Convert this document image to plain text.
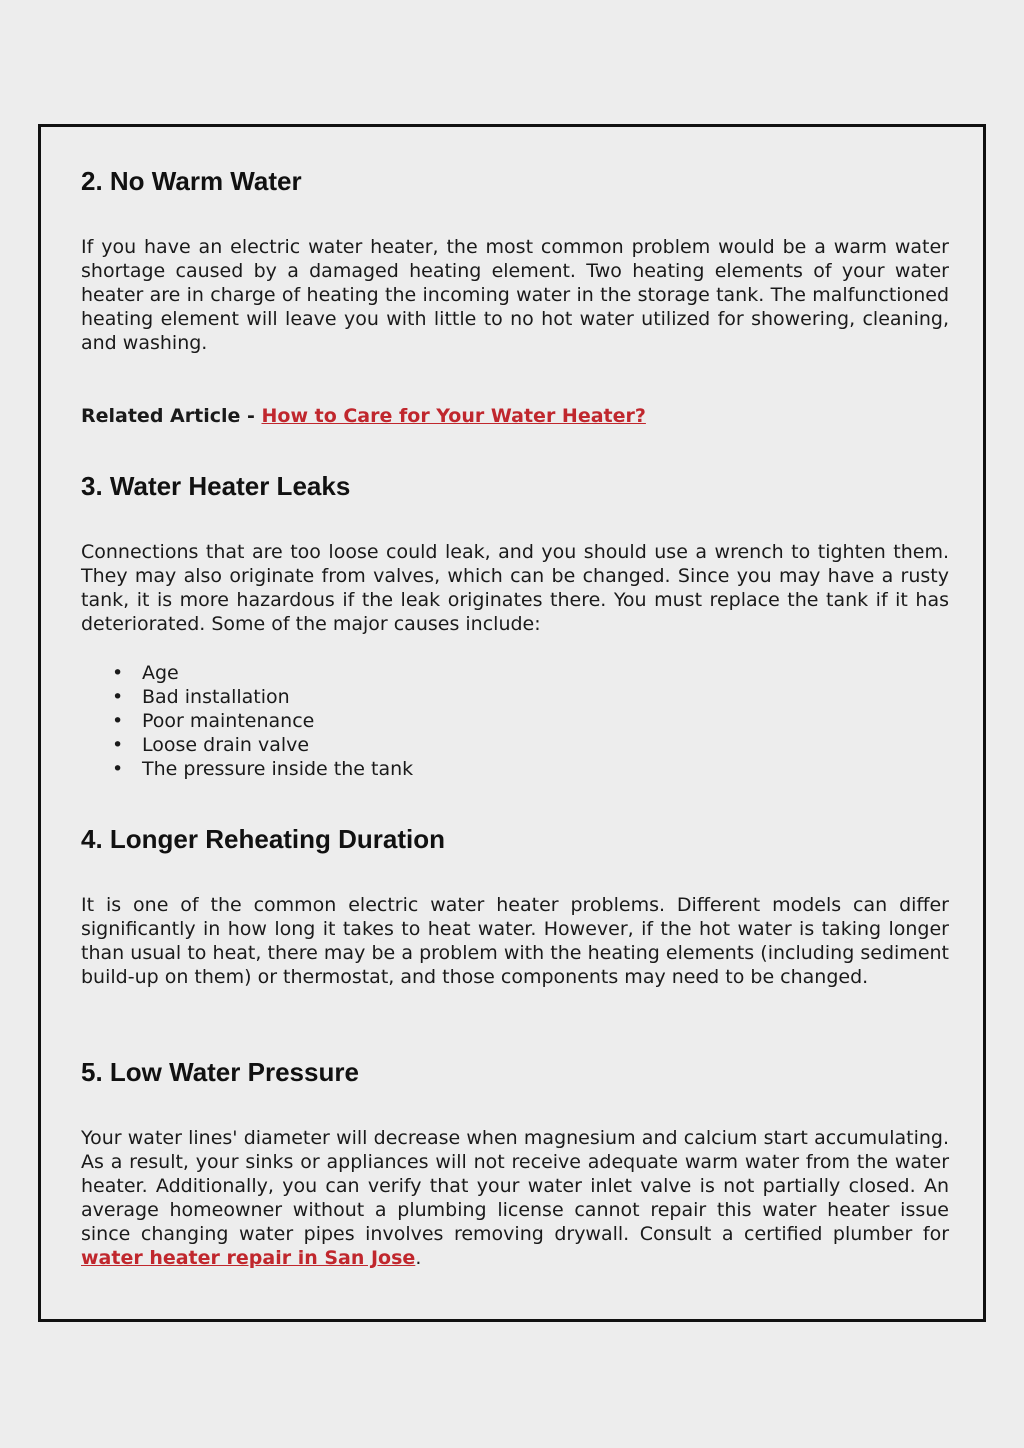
2. No Warm Water

If you have an electric water heater, the most common problem would be a warm water shortage caused by a damaged heating element. Two heating elements of your water heater are in charge of heating the incoming water in the storage tank. The malfunctioned heating element will leave you with little to no hot water utilized for showering, cleaning, and washing.

Related Article - How to Care for Your Water Heater?
3. Water Heater Leaks

Connections that are too loose could leak, and you should use a wrench to tighten them. They may also originate from valves, which can be changed. Since you may have a rusty tank, it is more hazardous if the leak originates there. You must replace the tank if it has deteriorated. Some of the major causes include:

• Age
• Bad installation
• Poor maintenance
• Loose drain valve
• The pressure inside the tank
4. Longer Reheating Duration

It is one of the common electric water heater problems. Different models can differ significantly in how long it takes to heat water. However, if the hot water is taking longer than usual to heat, there may be a problem with the heating elements (including sediment build-up on them) or thermostat, and those components may need to be changed.

5. Low Water Pressure

Your water lines' diameter will decrease when magnesium and calcium start accumulating. As a result, your sinks or appliances will not receive adequate warm water from the water heater. Additionally, you can verify that your water inlet valve is not partially closed. An average homeowner without a plumbing license cannot repair this water heater issue since changing water pipes involves removing drywall. Consult a certified plumber for water heater repair in San Jose.
